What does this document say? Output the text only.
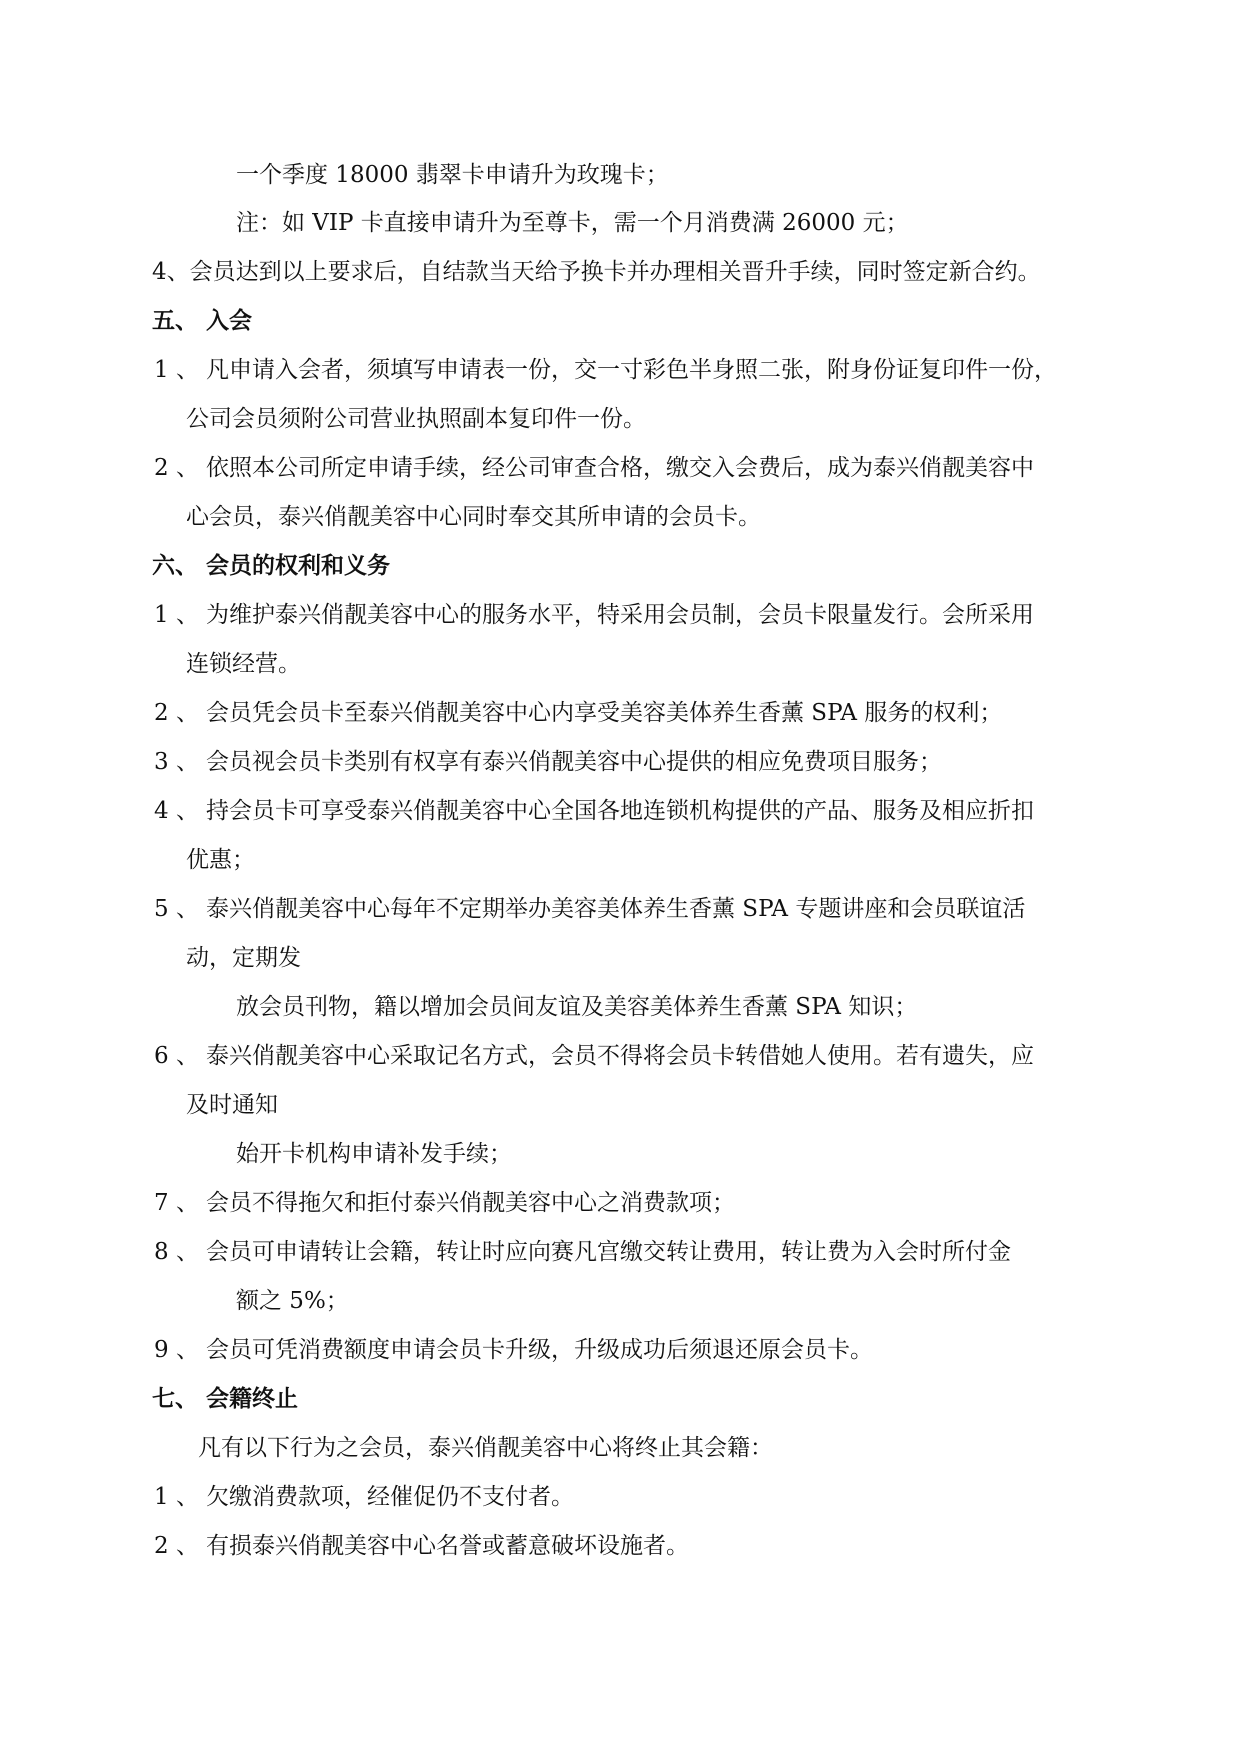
一个季度 18000 翡翠卡申请升为玫瑰卡；
注：如 VIP 卡直接申请升为至尊卡，需一个月消费满 26000 元；
4、会员达到以上要求后，自结款当天给予换卡并办理相关晋升手续，同时签定新合约。
五、 入会
1 、 凡申请入会者，须填写申请表一份，交一寸彩色半身照二张，附身份证复印件一份，
公司会员须附公司营业执照副本复印件一份。
2 、 依照本公司所定申请手续，经公司审查合格，缴交入会费后，成为泰兴俏靓美容中
心会员，泰兴俏靓美容中心同时奉交其所申请的会员卡。
六、 会员的权利和义务
1 、 为维护泰兴俏靓美容中心的服务水平，特采用会员制，会员卡限量发行。会所采用
连锁经营。
2 、 会员凭会员卡至泰兴俏靓美容中心内享受美容美体养生香薰 SPA 服务的权利；
3 、 会员视会员卡类别有权享有泰兴俏靓美容中心提供的相应免费项目服务；
4 、 持会员卡可享受泰兴俏靓美容中心全国各地连锁机构提供的产品、服务及相应折扣
优惠；
5 、 泰兴俏靓美容中心每年不定期举办美容美体养生香薰 SPA 专题讲座和会员联谊活
动，定期发
放会员刊物，籍以增加会员间友谊及美容美体养生香薰 SPA 知识；
6 、 泰兴俏靓美容中心采取记名方式，会员不得将会员卡转借她人使用。若有遗失，应
及时通知
始开卡机构申请补发手续；
7 、 会员不得拖欠和拒付泰兴俏靓美容中心之消费款项；
8 、 会员可申请转让会籍，转让时应向赛凡宫缴交转让费用，转让费为入会时所付金
额之 5%；
9 、 会员可凭消费额度申请会员卡升级，升级成功后须退还原会员卡。
七、 会籍终止
凡有以下行为之会员，泰兴俏靓美容中心将终止其会籍：
1 、 欠缴消费款项，经催促仍不支付者。
2 、 有损泰兴俏靓美容中心名誉或蓄意破坏设施者。
